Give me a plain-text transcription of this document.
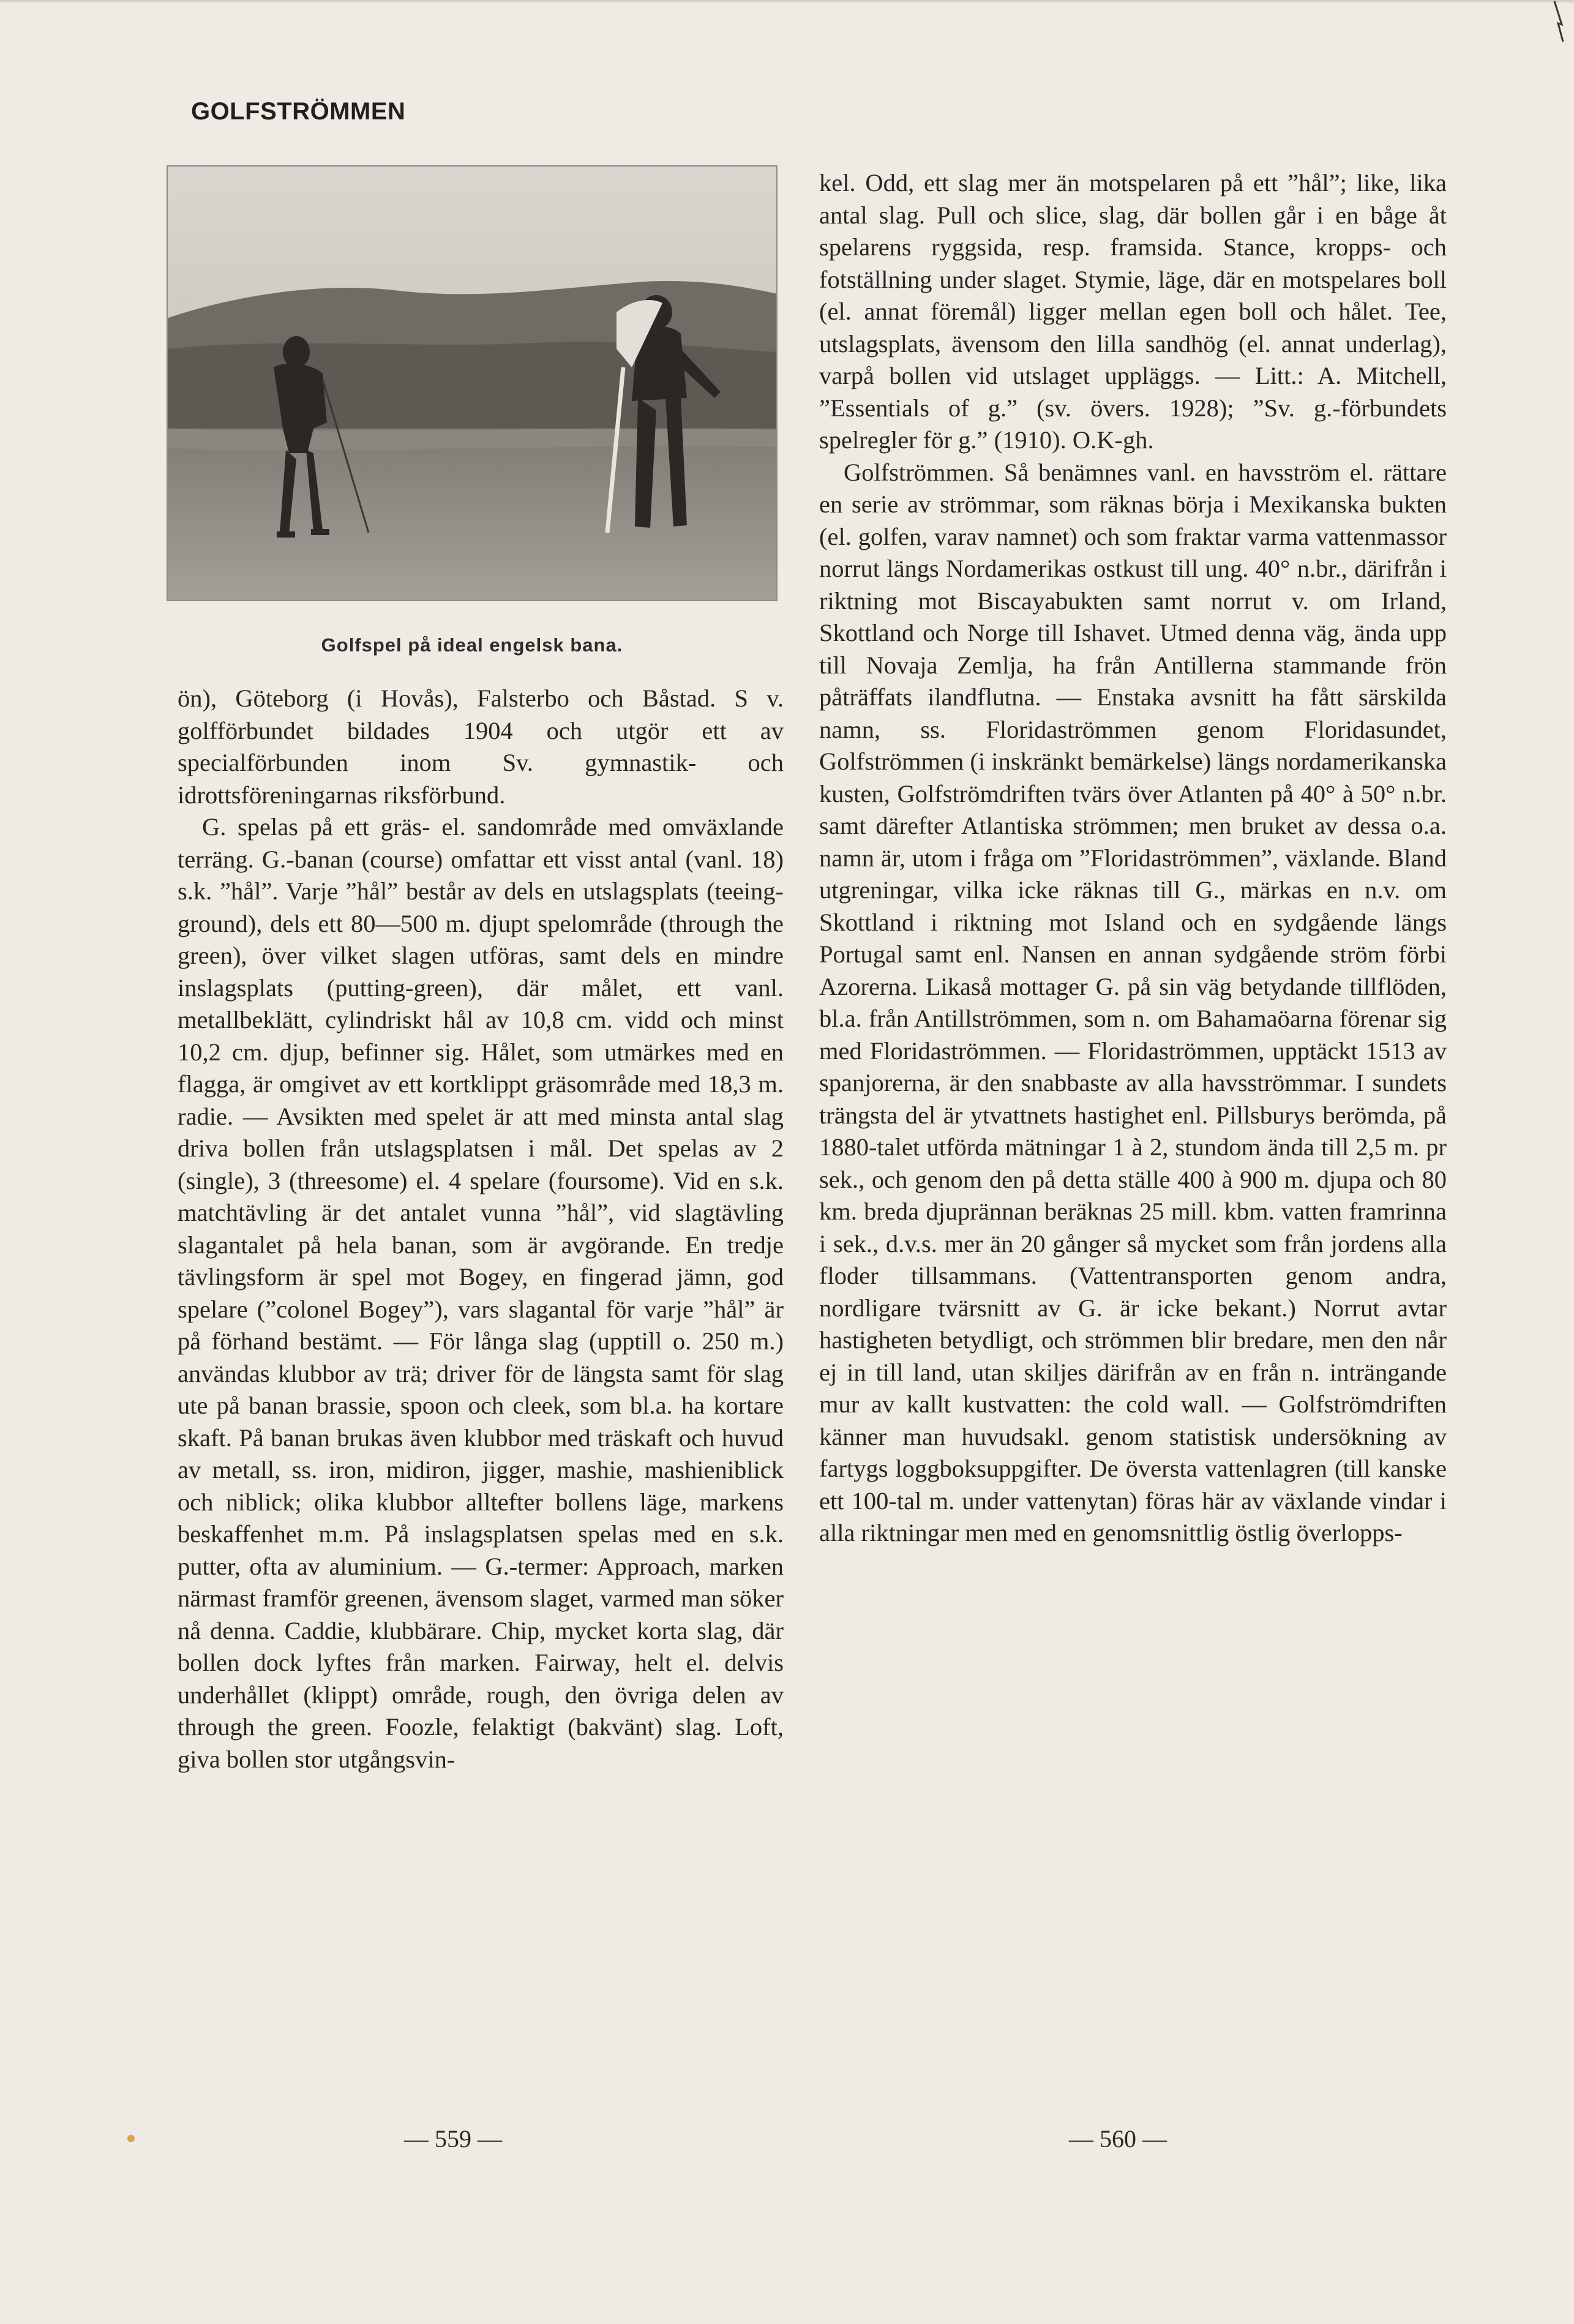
GOLFSTRÖMMEN
Golfspel på ideal engelsk bana.

ön), Göteborg (i Hovås), Falsterbo och Båstad. S v. golfförbundet bildades 1904 och utgör ett av specialförbunden inom Sv. gymnastik- och idrottsföreningarnas riksförbund.

G. spelas på ett gräs- el. sandområde med omväxlande terräng. G.-banan (course) omfattar ett visst antal (vanl. 18) s.k. ”hål”. Varje ”hål” består av dels en utslagsplats (teeing-ground), dels ett 80—500 m. djupt spelområde (through the green), över vilket slagen utföras, samt dels en mindre inslagsplats (putting-green), där målet, ett vanl. metallbeklätt, cylindriskt hål av 10,8 cm. vidd och minst 10,2 cm. djup, befinner sig. Hålet, som utmärkes med en flagga, är omgivet av ett kortklippt gräsområde med 18,3 m. radie. — Avsikten med spelet är att med minsta antal slag driva bollen från utslagsplatsen i mål. Det spelas av 2 (single), 3 (threesome) el. 4 spelare (foursome). Vid en s.k. matchtävling är det antalet vunna ”hål”, vid slagtävling slagantalet på hela banan, som är avgörande. En tredje tävlingsform är spel mot Bogey, en fingerad jämn, god spelare (”colonel Bogey”), vars slagantal för varje ”hål” är på förhand bestämt. — För långa slag (upptill o. 250 m.) användas klubbor av trä; driver för de längsta samt för slag ute på banan brassie, spoon och cleek, som bl.a. ha kortare skaft. På banan brukas även klubbor med träskaft och huvud av metall, ss. iron, midiron, jigger, mashie, mashieniblick och niblick; olika klubbor alltefter bollens läge, markens beskaffenhet m.m. På inslagsplatsen spelas med en s.k. putter, ofta av aluminium. — G.-termer: Approach, marken närmast framför greenen, ävensom slaget, varmed man söker nå denna. Caddie, klubbärare. Chip, mycket korta slag, där bollen dock lyftes från marken. Fairway, helt el. delvis underhållet (klippt) område, rough, den övriga delen av through the green. Foozle, felaktigt (bakvänt) slag. Loft, giva bollen stor utgångsvin-

kel. Odd, ett slag mer än motspelaren på ett ”hål”; like, lika antal slag. Pull och slice, slag, där bollen går i en båge åt spelarens ryggsida, resp. framsida. Stance, kropps- och fotställning under slaget. Stymie, läge, där en motspelares boll (el. annat föremål) ligger mellan egen boll och hålet. Tee, utslagsplats, ävensom den lilla sandhög (el. annat underlag), varpå bollen vid utslaget uppläggs. — Litt.: A. Mitchell, ”Essentials of g.” (sv. övers. 1928); ”Sv. g.-förbundets spelregler för g.” (1910). O.K-gh.

Golfströmmen. Så benämnes vanl. en havsström el. rättare en serie av strömmar, som räknas börja i Mexikanska bukten (el. golfen, varav namnet) och som fraktar varma vattenmassor norrut längs Nordamerikas ostkust till ung. 40° n.br., därifrån i riktning mot Biscayabukten samt norrut v. om Irland, Skottland och Norge till Ishavet. Utmed denna väg, ända upp till Novaja Zemlja, ha från Antillerna stammande frön påträffats ilandflutna. — Enstaka avsnitt ha fått särskilda namn, ss. Floridaströmmen genom Floridasundet, Golfströmmen (i inskränkt bemärkelse) längs nordamerikanska kusten, Golfströmdriften tvärs över Atlanten på 40° à 50° n.br. samt därefter Atlantiska strömmen; men bruket av dessa o.a. namn är, utom i fråga om ”Floridaströmmen”, växlande. Bland utgreningar, vilka icke räknas till G., märkas en n.v. om Skottland i riktning mot Island och en sydgående längs Portugal samt enl. Nansen en annan sydgående ström förbi Azorerna. Likaså mottager G. på sin väg betydande tillflöden, bl.a. från Antillströmmen, som n. om Bahamaöarna förenar sig med Floridaströmmen. — Floridaströmmen, upptäckt 1513 av spanjorerna, är den snabbaste av alla havsströmmar. I sundets trängsta del är ytvattnets hastighet enl. Pillsburys berömda, på 1880-talet utförda mätningar 1 à 2, stundom ända till 2,5 m. pr sek., och genom den på detta ställe 400 à 900 m. djupa och 80 km. breda djuprännan beräknas 25 mill. kbm. vatten framrinna i sek., d.v.s. mer än 20 gånger så mycket som från jordens alla floder tillsammans. (Vattentransporten genom andra, nordligare tvärsnitt av G. är icke bekant.) Norrut avtar hastigheten betydligt, och strömmen blir bredare, men den når ej in till land, utan skiljes därifrån av en från n. inträngande mur av kallt kustvatten: the cold wall. — Golfströmdriften känner man huvudsakl. genom statistisk undersökning av fartygs loggboksuppgifter. De översta vattenlagren (till kanske ett 100-tal m. under vattenytan) föras här av växlande vindar i alla riktningar men med en genomsnittlig östlig överlopps-

— 559 —	— 560 —
